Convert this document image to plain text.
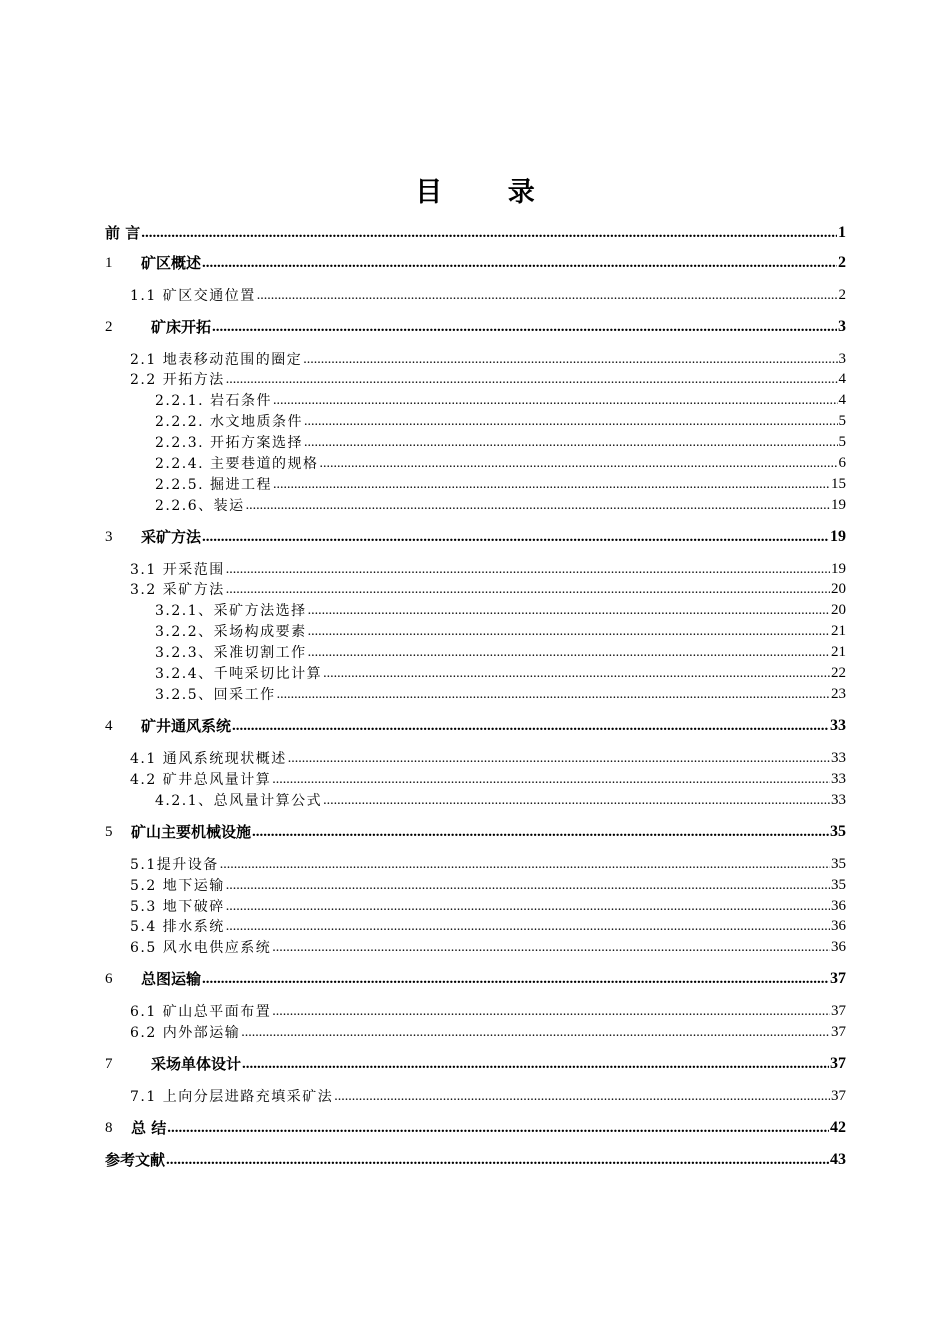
目 录
前 言 .....	1
1	矿区概述 .....	2
1.1 矿区交通位置 .....	2
2	矿床开拓 .....	3
2.1 地表移动范围的圈定 .....	3
2.2 开拓方法 .....	4
2.2.1. 岩石条件 .....	4
2.2.2. 水文地质条件 .....	5
2.2.3. 开拓方案选择 .....	5
2.2.4. 主要巷道的规格 .....	6
2.2.5. 掘进工程 .....	15
2.2.6、装运 .....	19
3	采矿方法 .....	19
3.1 开采范围 .....	19
3.2 采矿方法 .....	20
3.2.1、采矿方法选择 .....	20
3.2.2、采场构成要素 .....	21
3.2.3、采准切割工作 .....	21
3.2.4、千吨采切比计算 .....	22
3.2.5、回采工作 .....	23
4	矿井通风系统 .....	33
4.1 通风系统现状概述 .....	33
4.2 矿井总风量计算 .....	33
4.2.1、总风量计算公式 .....	33
5	矿山主要机械设施 .....	35
5.1提升设备 .....	35
5.2 地下运输 .....	35
5.3 地下破碎 .....	36
5.4 排水系统 .....	36
6.5 风水电供应系统 .....	36
6	总图运输 .....	37
6.1 矿山总平面布置 .....	37
6.2 内外部运输 .....	37
7	采场单体设计 .....	37
7.1 上向分层进路充填采矿法 .....	37
8	总 结 .....	42
参考文献 .....	43
